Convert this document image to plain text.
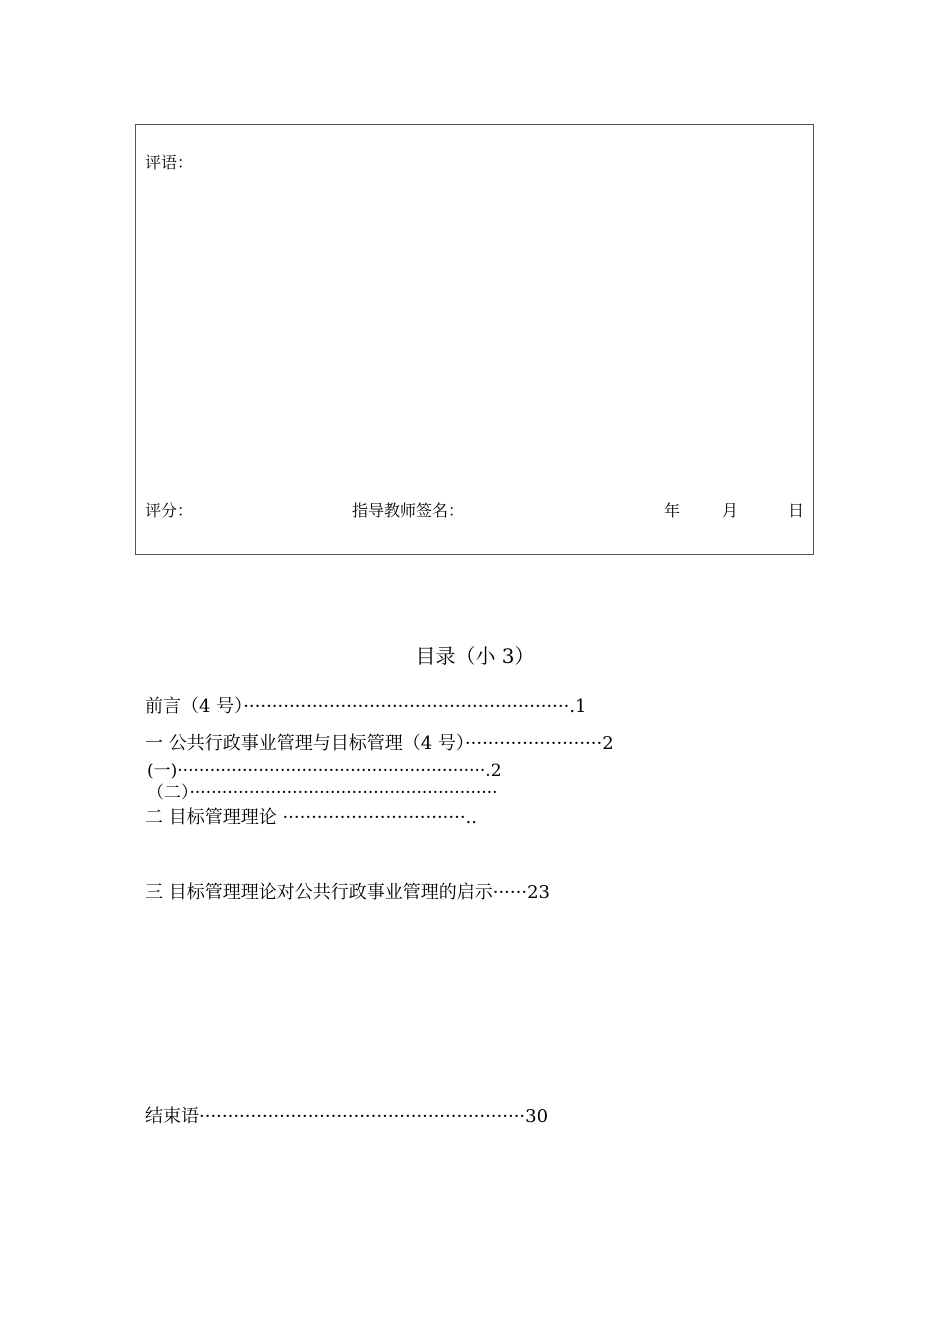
评语：
评分：	指导教师签名：	年	月	日
目录（小 3）
前言（4 号）·························································.1
一 公共行政事业管理与目标管理（4 号）························2
(一)·························································.2
（二）·························································
二 目标管理理论 ································..
三 目标管理理论对公共行政事业管理的启示······23
结束语·························································30
